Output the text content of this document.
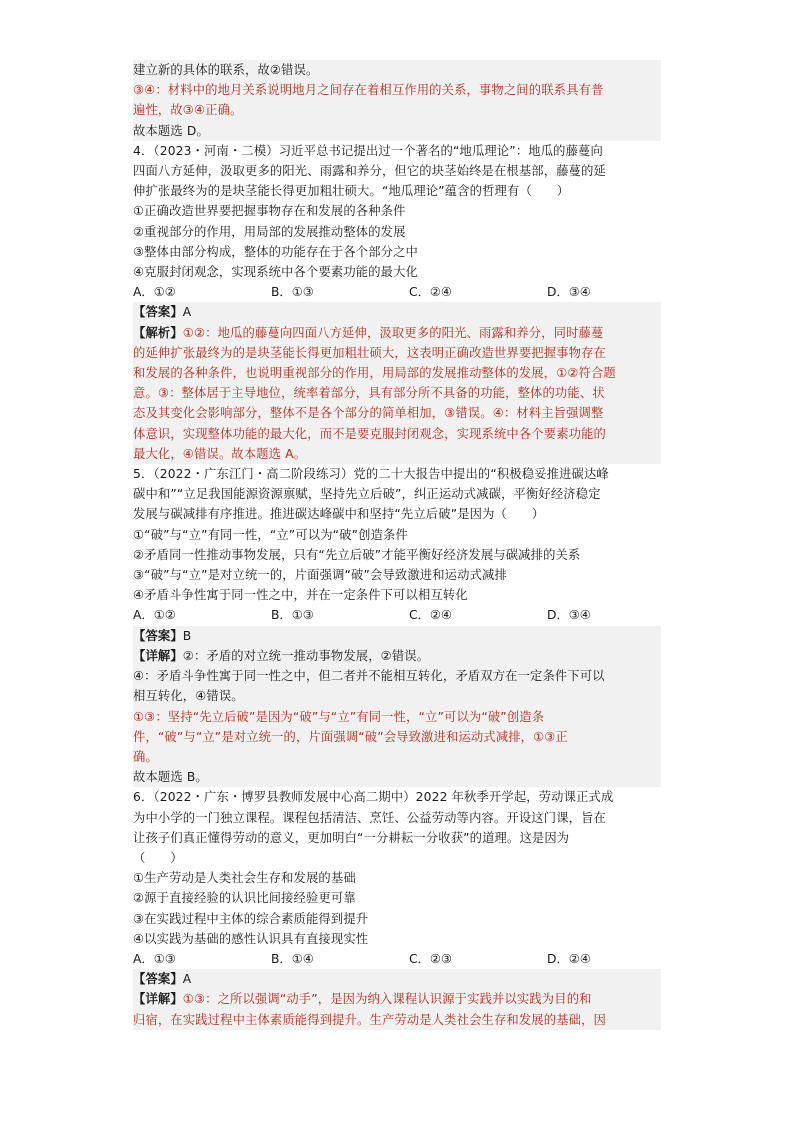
建立新的具体的联系，故②错误。
③④：材料中的地月关系说明地月之间存在着相互作用的关系，事物之间的联系具有普
遍性，故③④正确。
故本题选 D。
4．（2023・河南・二模）习近平总书记提出过一个著名的“地瓜理论”：地瓜的藤蔓向
四面八方延伸，汲取更多的阳光、雨露和养分，但它的块茎始终是在根基部，藤蔓的延
伸扩张最终为的是块茎能长得更加粗壮硕大。“地瓜理论”蕴含的哲理有（　　）
①正确改造世界要把握事物存在和发展的各种条件
②重视部分的作用，用局部的发展推动整体的发展
③整体由部分构成，整体的功能存在于各个部分之中
④克服封闭观念，实现系统中各个要素功能的最大化
A．①②	B．①③	C．②④	D．③④
【答案】A
【解析】①②：地瓜的藤蔓向四面八方延伸，汲取更多的阳光、雨露和养分，同时藤蔓
的延伸扩张最终为的是块茎能长得更加粗壮硕大，这表明正确改造世界要把握事物存在
和发展的各种条件，也说明重视部分的作用，用局部的发展推动整体的发展，①②符合题
意。③：整体居于主导地位，统率着部分，具有部分所不具备的功能，整体的功能、状
态及其变化会影响部分，整体不是各个部分的简单相加，③错误。④：材料主旨强调整
体意识，实现整体功能的最大化，而不是要克服封闭观念，实现系统中各个要素功能的
最大化，④错误。故本题选 A。
5．（2022・广东江门・高二阶段练习）党的二十大报告中提出的“积极稳妥推进碳达峰
碳中和”“立足我国能源资源禀赋，坚持先立后破”，纠正运动式减碳，平衡好经济稳定
发展与碳减排有序推进。推进碳达峰碳中和坚持“先立后破”是因为（　　）
①“破”与“立”有同一性，“立”可以为“破”创造条件
②矛盾同一性推动事物发展，只有“先立后破”才能平衡好经济发展与碳减排的关系
③“破”与“立”是对立统一的，片面强调“破”会导致激进和运动式减排
④矛盾斗争性寓于同一性之中，并在一定条件下可以相互转化
A．①②	B．①③	C．②④	D．③④
【答案】B
【详解】②：矛盾的对立统一推动事物发展，②错误。
④：矛盾斗争性寓于同一性之中，但二者并不能相互转化，矛盾双方在一定条件下可以
相互转化，④错误。
①③：坚持“先立后破”是因为“破”与“立”有同一性，“立”可以为“破”创造条
件，“破”与“立”是对立统一的，片面强调“破”会导致激进和运动式减排，①③正
确。
故本题选 B。
6．（2022・广东・博罗县教师发展中心高二期中）2022 年秋季开学起，劳动课正式成
为中小学的一门独立课程。课程包括清洁、烹饪、公益劳动等内容。开设这门课，旨在
让孩子们真正懂得劳动的意义，更加明白“一分耕耘一分收获”的道理。这是因为
（　　）
①生产劳动是人类社会生存和发展的基础
②源于直接经验的认识比间接经验更可靠
③在实践过程中主体的综合素质能得到提升
④以实践为基础的感性认识具有直接现实性
A．①③	B．①④	C．②③	D．②④
【答案】A
【详解】①③：之所以强调“动手”，是因为纳入课程认识源于实践并以实践为目的和
归宿，在实践过程中主体素质能得到提升。生产劳动是人类社会生存和发展的基础，因
